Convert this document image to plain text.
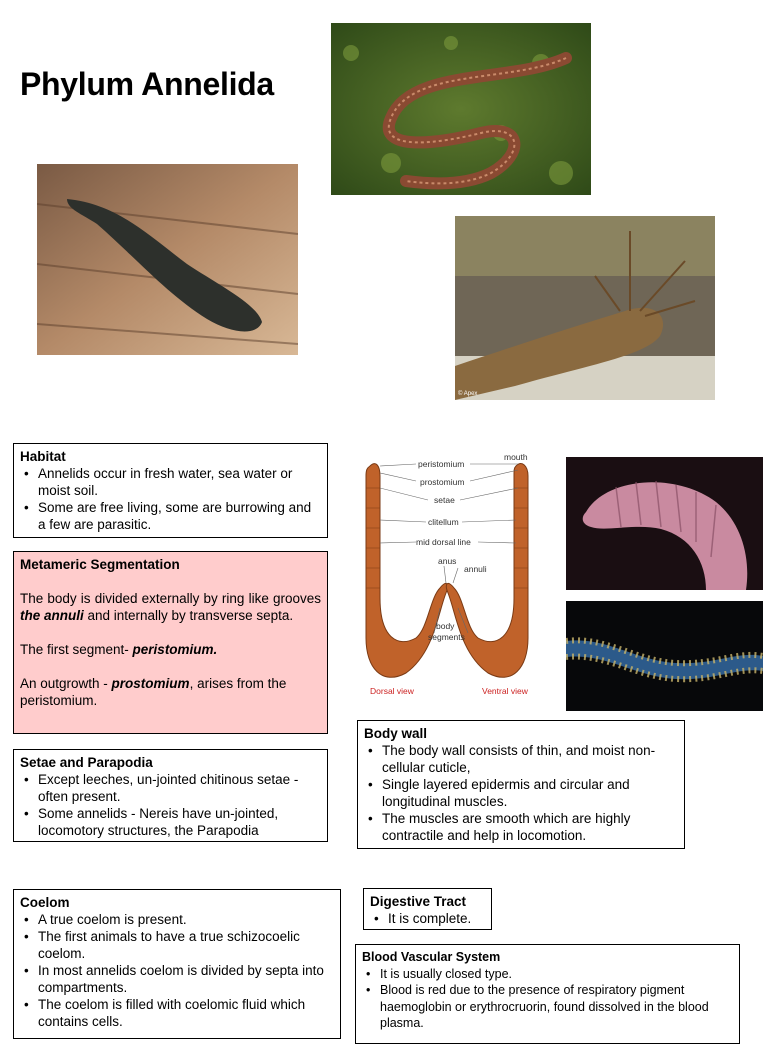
Phylum Annelida
© Apex
peristomium
mouth
prostomium
setae
clitellum
mid dorsal line
anus
annuli
body
segments
Dorsal view	Ventral view
Habitat
• Annelids occur in fresh water, sea water or moist soil.
• Some are free living, some are burrowing and a few are parasitic.
Metameric Segmentation

The body is divided externally by ring like grooves the annuli and internally by transverse septa.

The first segment- peristomium.

An outgrowth - prostomium, arises from the peristomium.

Setae and Parapodia
• Except leeches, un-jointed chitinous setae - often present.
• Some annelids - Nereis have un-jointed, locomotory structures, the Parapodia
Body wall
• The body wall consists of thin, and moist non-cellular cuticle,
• Single layered epidermis and circular and longitudinal muscles.
• The muscles are smooth which are highly contractile and help in locomotion.
Coelom
• A true coelom is present.
• The first animals to have a true schizocoelic coelom.
• In most annelids coelom is divided by septa into compartments.
• The coelom is filled with coelomic fluid which contains cells.
Digestive Tract
• It is complete.
Blood Vascular System
• It is usually closed type.
• Blood is red due to the presence of respiratory pigment haemoglobin or erythrocruorin, found dissolved in the blood plasma.
